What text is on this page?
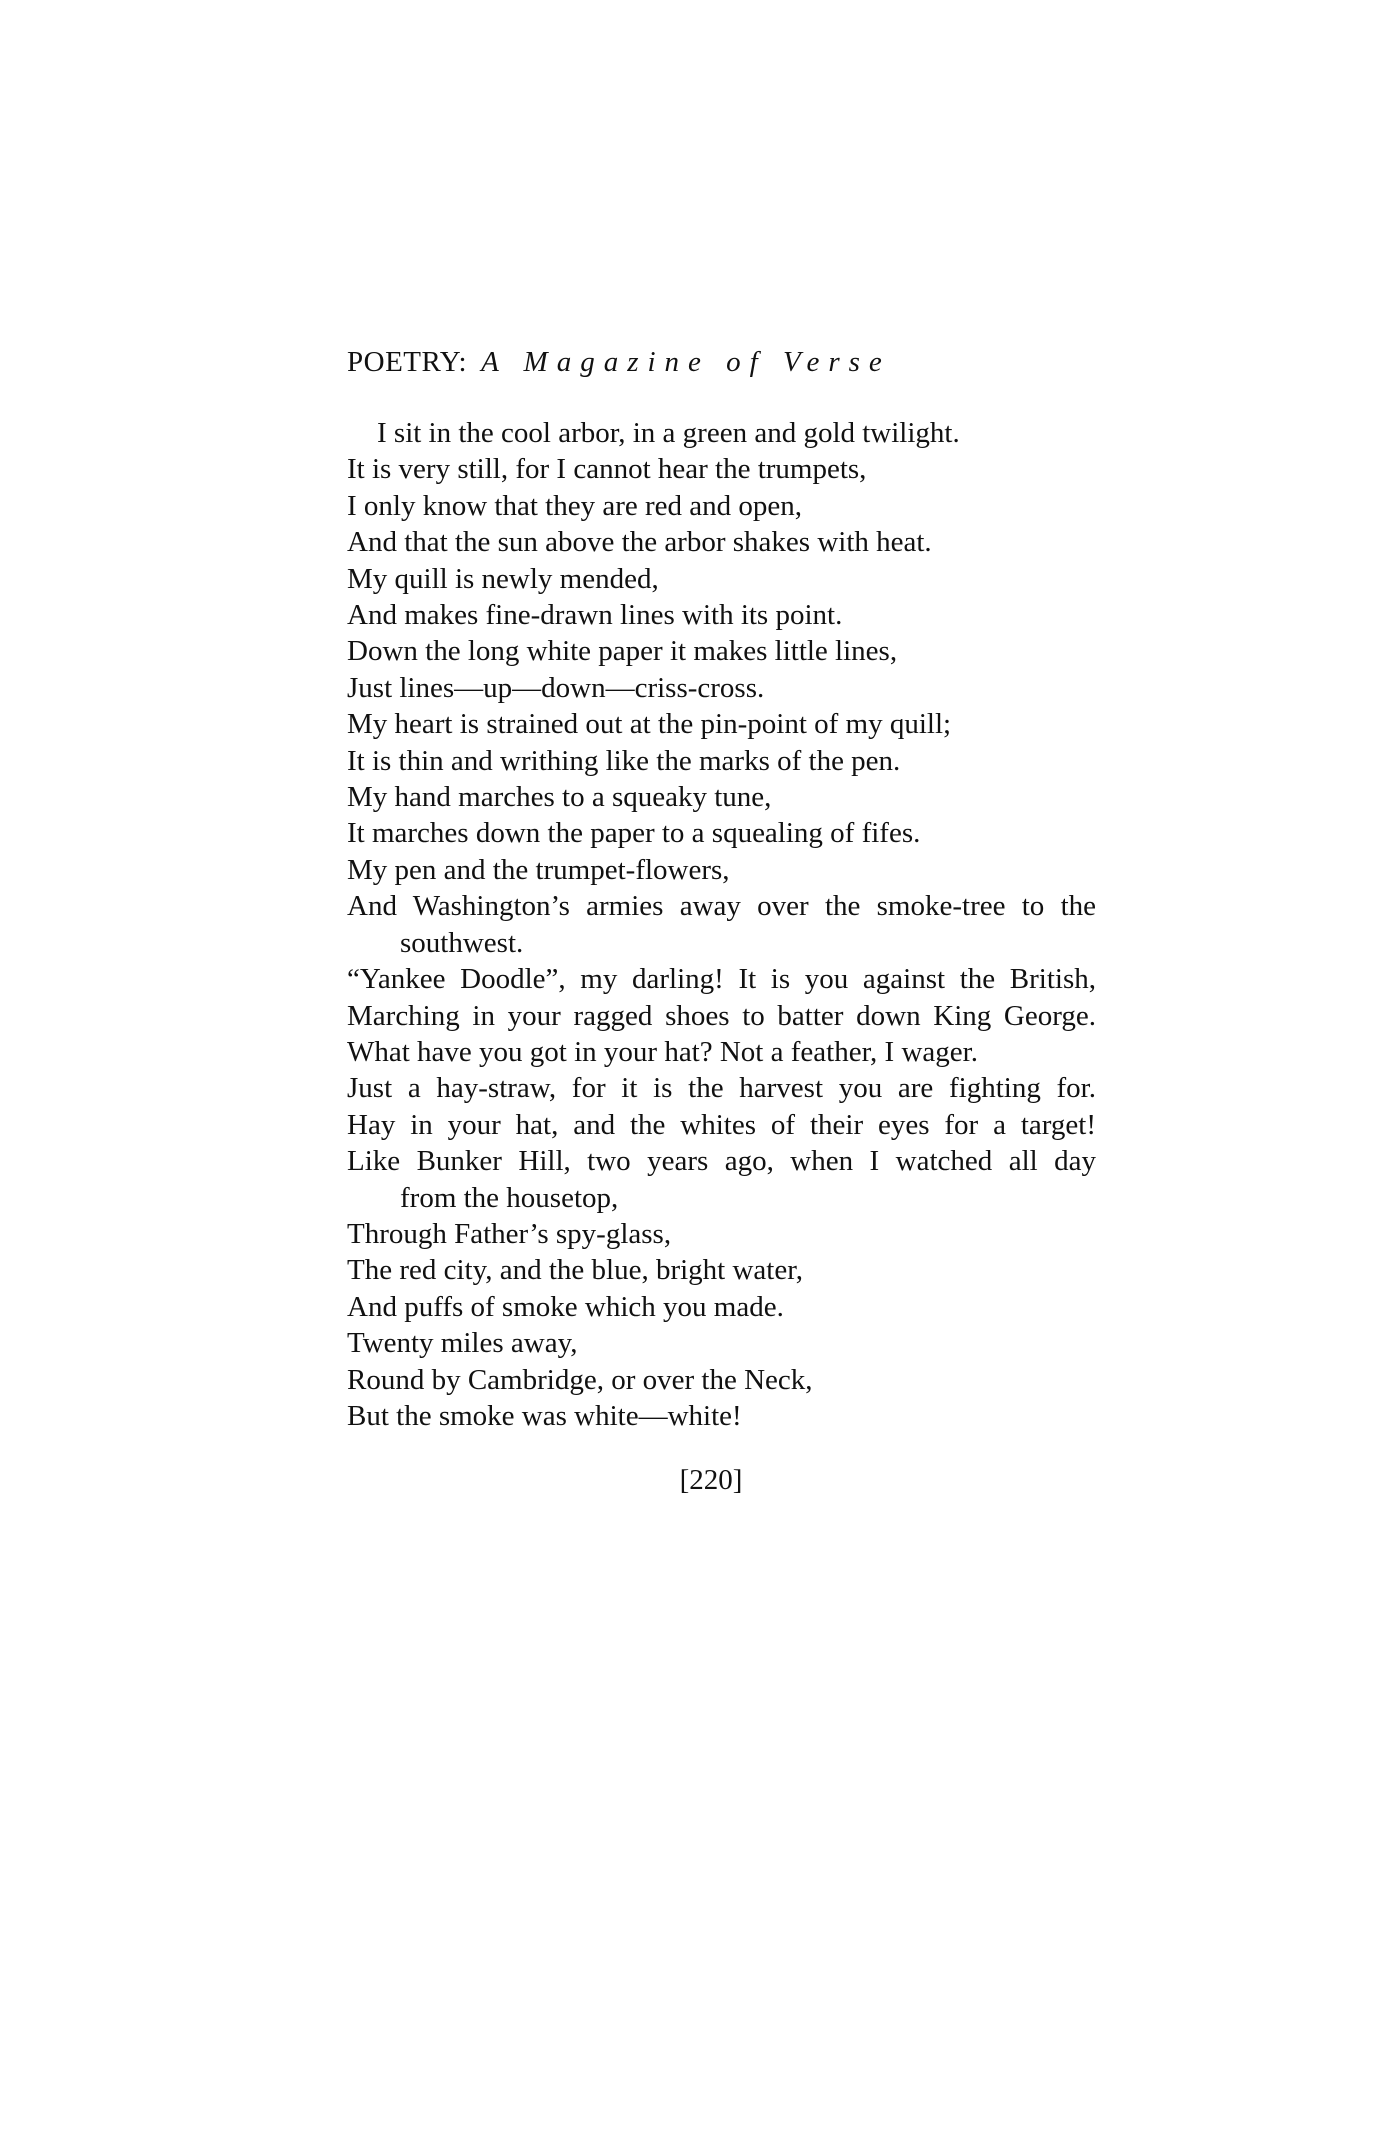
POETRY: A Magazine of Verse
I sit in the cool arbor, in a green and gold twilight.
It is very still, for I cannot hear the trumpets,
I only know that they are red and open,
And that the sun above the arbor shakes with heat.
My quill is newly mended,
And makes fine-drawn lines with its point.
Down the long white paper it makes little lines,
Just lines—up—down—criss-cross.
My heart is strained out at the pin-point of my quill;
It is thin and writhing like the marks of the pen.
My hand marches to a squeaky tune,
It marches down the paper to a squealing of fifes.
My pen and the trumpet-flowers,
And Washington’s armies away over the smoke-tree to the
southwest.
“Yankee Doodle”, my darling! It is you against the British,
Marching in your ragged shoes to batter down King George.
What have you got in your hat? Not a feather, I wager.
Just a hay-straw, for it is the harvest you are fighting for.
Hay in your hat, and the whites of their eyes for a target!
Like Bunker Hill, two years ago, when I watched all day
from the housetop,
Through Father’s spy-glass,
The red city, and the blue, bright water,
And puffs of smoke which you made.
Twenty miles away,
Round by Cambridge, or over the Neck,
But the smoke was white—white!
[220]
